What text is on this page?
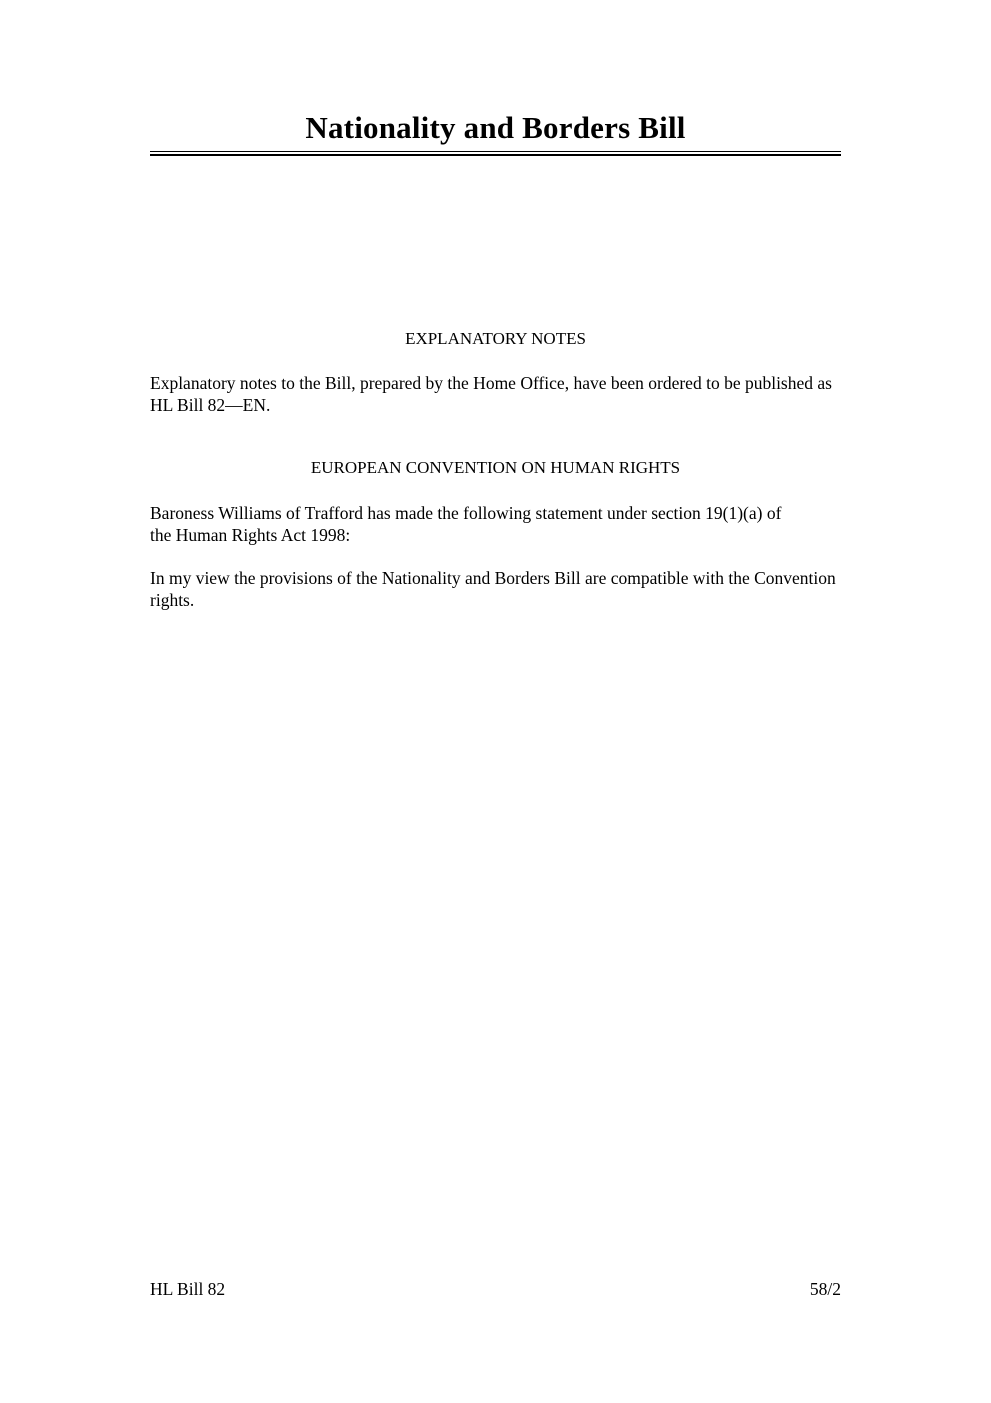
Nationality and Borders Bill
EXPLANATORY NOTES
Explanatory notes to the Bill, prepared by the Home Office, have been ordered to be published as HL Bill 82—EN.
EUROPEAN CONVENTION ON HUMAN RIGHTS
Baroness Williams of Trafford has made the following statement under section 19(1)(a) of the Human Rights Act 1998:
In my view the provisions of the Nationality and Borders Bill are compatible with the Convention rights.
HL Bill 82	58/2
